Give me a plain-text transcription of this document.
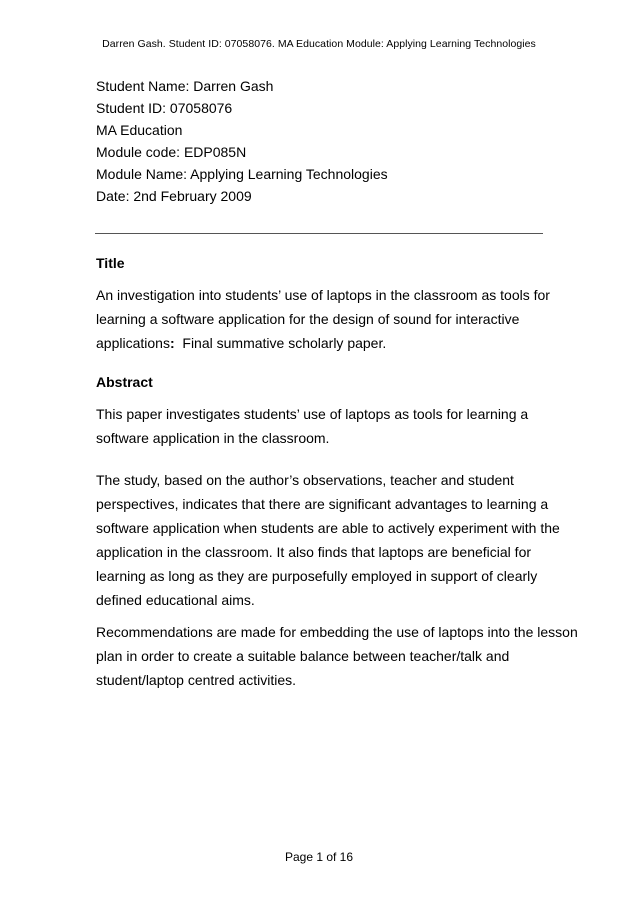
Darren Gash. Student ID: 07058076. MA Education Module: Applying Learning Technologies
Student Name: Darren Gash
Student ID: 07058076
MA Education
Module code: EDP085N
Module Name: Applying Learning Technologies
Date: 2nd February 2009

Title

An investigation into students’ use of laptops in the classroom as tools for
learning a software application for the design of sound for interactive
applications:  Final summative scholarly paper.

Abstract

This paper investigates students’ use of laptops as tools for learning a
software application in the classroom.
The study, based on the author’s observations, teacher and student
perspectives, indicates that there are significant advantages to learning a
software application when students are able to actively experiment with the
application in the classroom. It also finds that laptops are beneficial for
learning as long as they are purposefully employed in support of clearly
defined educational aims.
Recommendations are made for embedding the use of laptops into the lesson
plan in order to create a suitable balance between teacher/talk and
student/laptop centred activities.
Page 1 of 16
